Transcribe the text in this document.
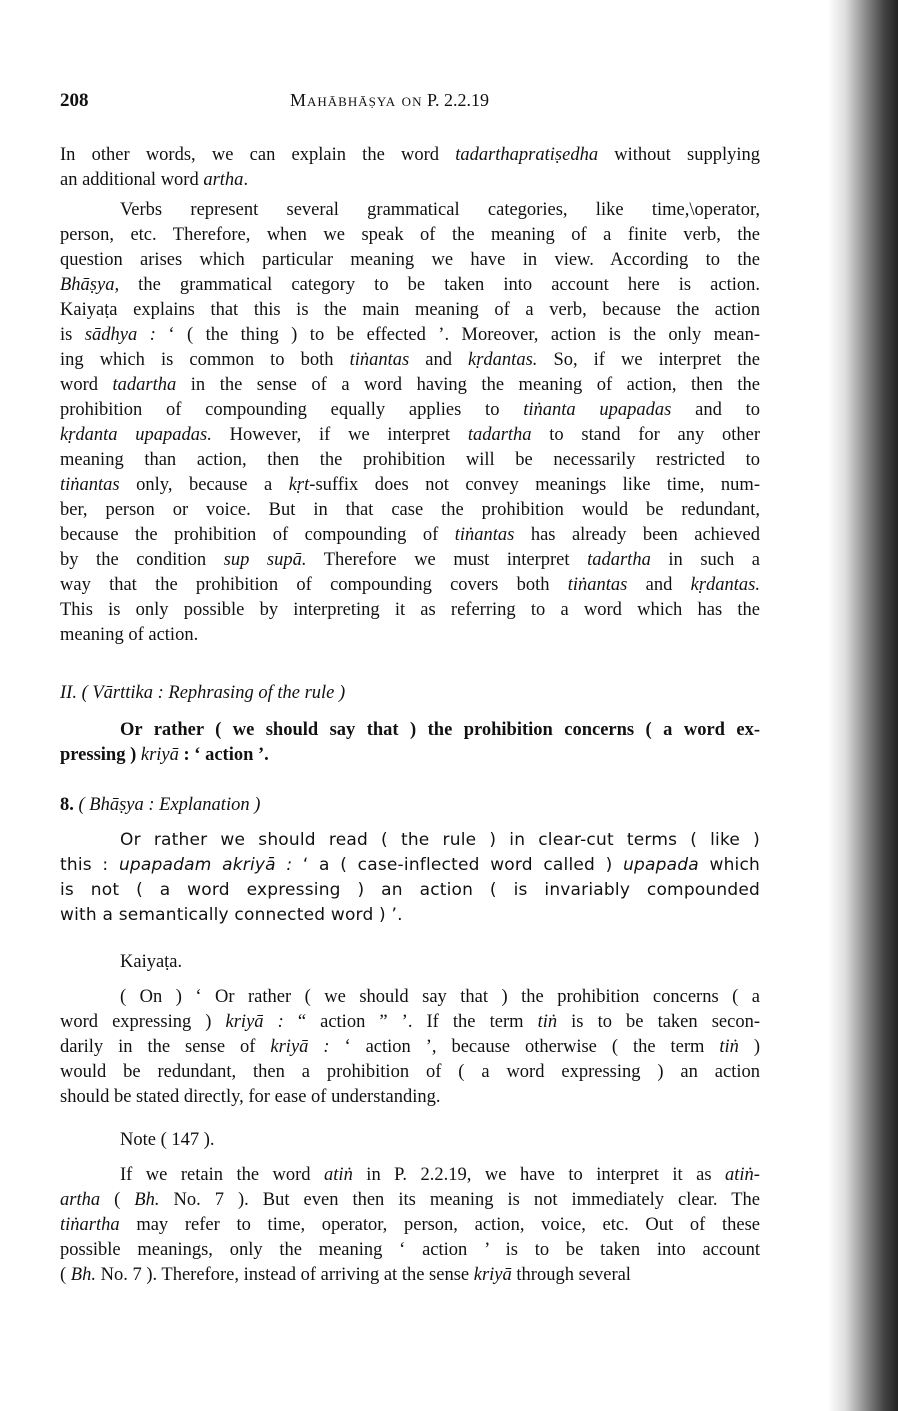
208	Mahābhāṣya on P. 2.2.19
In other words, we can explain the word tadarthapratiṣedha without supplying
an additional word artha.
Verbs represent several grammatical categories, like time,\operator,
person, etc. Therefore, when we speak of the meaning of a finite verb, the
question arises which particular meaning we have in view. According to the
Bhāṣya, the grammatical category to be taken into account here is action.
Kaiyaṭa explains that this is the main meaning of a verb, because the action
is sādhya : ‘ ( the thing ) to be effected ’. Moreover, action is the only mean-
ing which is common to both tiṅantas and kṛdantas. So, if we interpret the
word tadartha in the sense of a word having the meaning of action, then the
prohibition of compounding equally applies to tiṅanta upapadas and to
kṛdanta upapadas. However, if we interpret tadartha to stand for any other
meaning than action, then the prohibition will be necessarily restricted to
tiṅantas only, because a kṛt-suffix does not convey meanings like time, num-
ber, person or voice. But in that case the prohibition would be redundant,
because the prohibition of compounding of tiṅantas has already been achieved
by the condition sup supā. Therefore we must interpret tadartha in such a
way that the prohibition of compounding covers both tiṅantas and kṛdantas.
This is only possible by interpreting it as referring to a word which has the
meaning of action.
II. ( Vārttika : Rephrasing of the rule )
Or rather ( we should say that ) the prohibition concerns ( a word ex-
pressing ) kriyā : ‘ action ’.
8. ( Bhāṣya : Explanation )
Or rather we should read ( the rule ) in clear-cut terms ( like )
this : upapadam akriyā : ‘ a ( case-inflected word called ) upapada which
is not ( a word expressing ) an action ( is invariably compounded
with a semantically connected word ) ’.
Kaiyaṭa.
( On ) ‘ Or rather ( we should say that ) the prohibition concerns ( a
word expressing ) kriyā : “ action ” ’. If the term tiṅ is to be taken secon-
darily in the sense of kriyā : ‘ action ’, because otherwise ( the term tiṅ )
would be redundant, then a prohibition of ( a word expressing ) an action
should be stated directly, for ease of understanding.
Note ( 147 ).
If we retain the word atiṅ in P. 2.2.19, we have to interpret it as atiṅ-
artha ( Bh. No. 7 ). But even then its meaning is not immediately clear. The
tiṅartha may refer to time, operator, person, action, voice, etc. Out of these
possible meanings, only the meaning ‘ action ’ is to be taken into account
( Bh. No. 7 ). Therefore, instead of arriving at the sense kriyā through several
